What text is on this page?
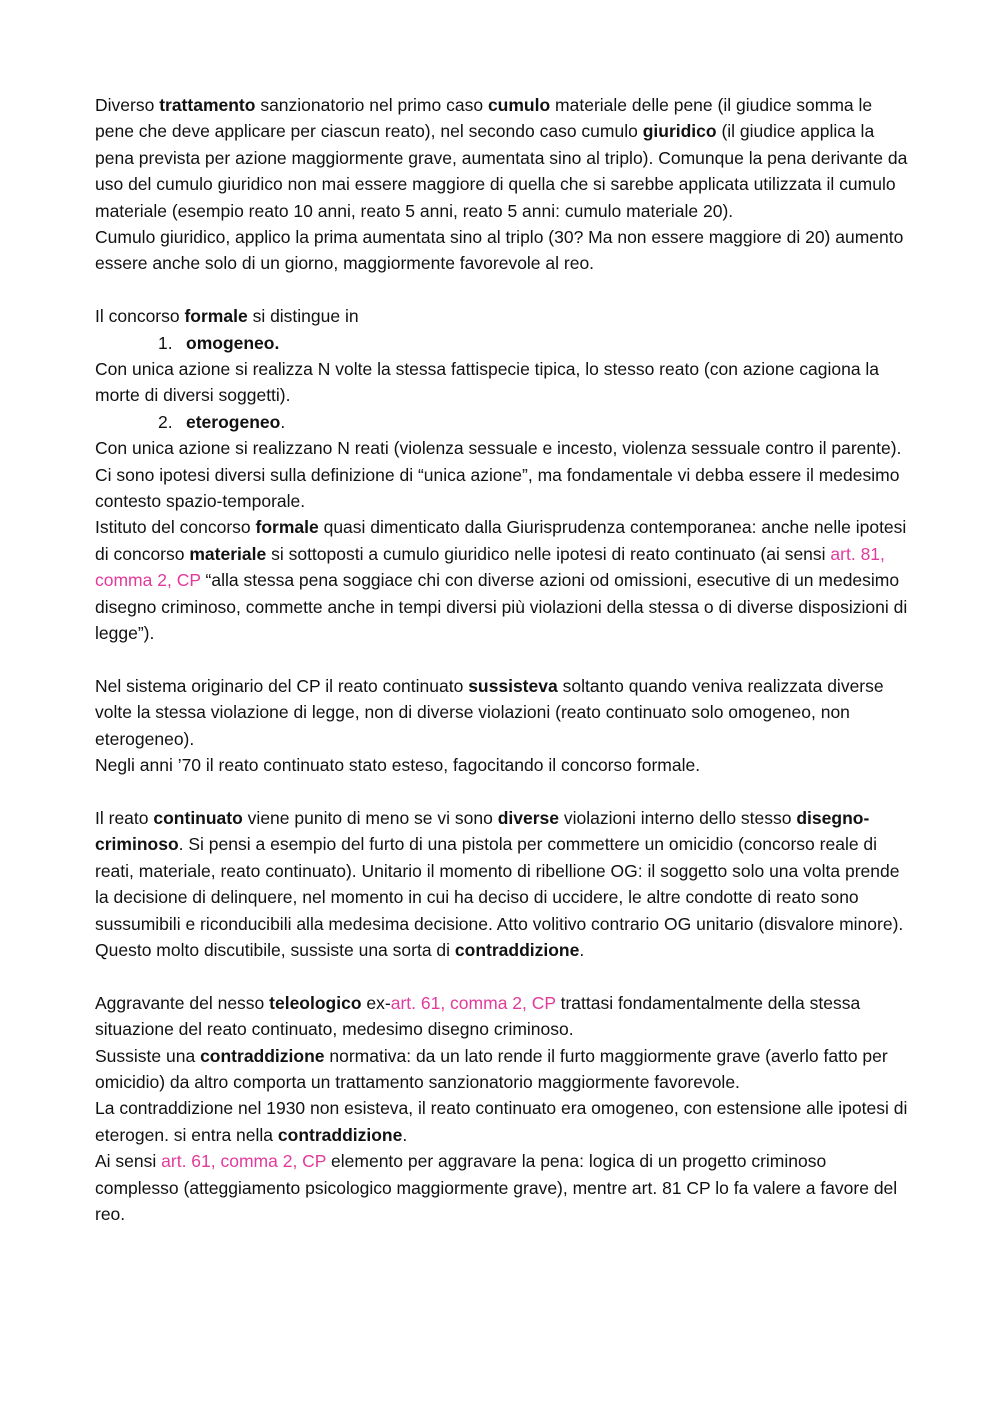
Diverso trattamento sanzionatorio nel primo caso cumulo materiale delle pene (il giudice somma le pene che deve applicare per ciascun reato), nel secondo caso cumulo giuridico (il giudice applica la pena prevista per azione maggiormente grave, aumentata sino al triplo). Comunque la pena derivante da uso del cumulo giuridico non mai essere maggiore di quella che si sarebbe applicata utilizzata il cumulo materiale (esempio reato 10 anni, reato 5 anni, reato 5 anni: cumulo materiale 20).

Cumulo giuridico, applico la prima aumentata sino al triplo (30? Ma non essere maggiore di 20) aumento essere anche solo di un giorno, maggiormente favorevole al reo.

Il concorso formale si distingue in

1. omogeneo.

Con unica azione si realizza N volte la stessa fattispecie tipica, lo stesso reato (con azione cagiona la morte di diversi soggetti).

2. eterogeneo.

Con unica azione si realizzano N reati (violenza sessuale e incesto, violenza sessuale contro il parente).

Ci sono ipotesi diversi sulla definizione di “unica azione”, ma fondamentale vi debba essere il medesimo contesto spazio-temporale.

Istituto del concorso formale quasi dimenticato dalla Giurisprudenza contemporanea: anche nelle ipotesi di concorso materiale si sottoposti a cumulo giuridico nelle ipotesi di reato continuato (ai sensi art. 81, comma 2, CP “alla stessa pena soggiace chi con diverse azioni od omissioni, esecutive di un medesimo disegno criminoso, commette anche in tempi diversi più violazioni della stessa o di diverse disposizioni di legge”).

Nel sistema originario del CP il reato continuato sussisteva soltanto quando veniva realizzata diverse volte la stessa violazione di legge, non di diverse violazioni (reato continuato solo omogeneo, non eterogeneo).

Negli anni ’70 il reato continuato stato esteso, fagocitando il concorso formale.

Il reato continuato viene punito di meno se vi sono diverse violazioni interno dello stesso disegno-criminoso. Si pensi a esempio del furto di una pistola per commettere un omicidio (concorso reale di reati, materiale, reato continuato). Unitario il momento di ribellione OG: il soggetto solo una volta prende la decisione di delinquere, nel momento in cui ha deciso di uccidere, le altre condotte di reato sono sussumibili e riconducibili alla medesima decisione. Atto volitivo contrario OG unitario (disvalore minore).

Questo molto discutibile, sussiste una sorta di contraddizione.

Aggravante del nesso teleologico ex-art. 61, comma 2, CP trattasi fondamentalmente della stessa situazione del reato continuato, medesimo disegno criminoso.

Sussiste una contraddizione normativa: da un lato rende il furto maggiormente grave (averlo fatto per omicidio) da altro comporta un trattamento sanzionatorio maggiormente favorevole.

La contraddizione nel 1930 non esisteva, il reato continuato era omogeneo, con estensione alle ipotesi di eterogen. si entra nella contraddizione.

Ai sensi art. 61, comma 2, CP elemento per aggravare la pena: logica di un progetto criminoso complesso (atteggiamento psicologico maggiormente grave), mentre art. 81 CP lo fa valere a favore del reo.
